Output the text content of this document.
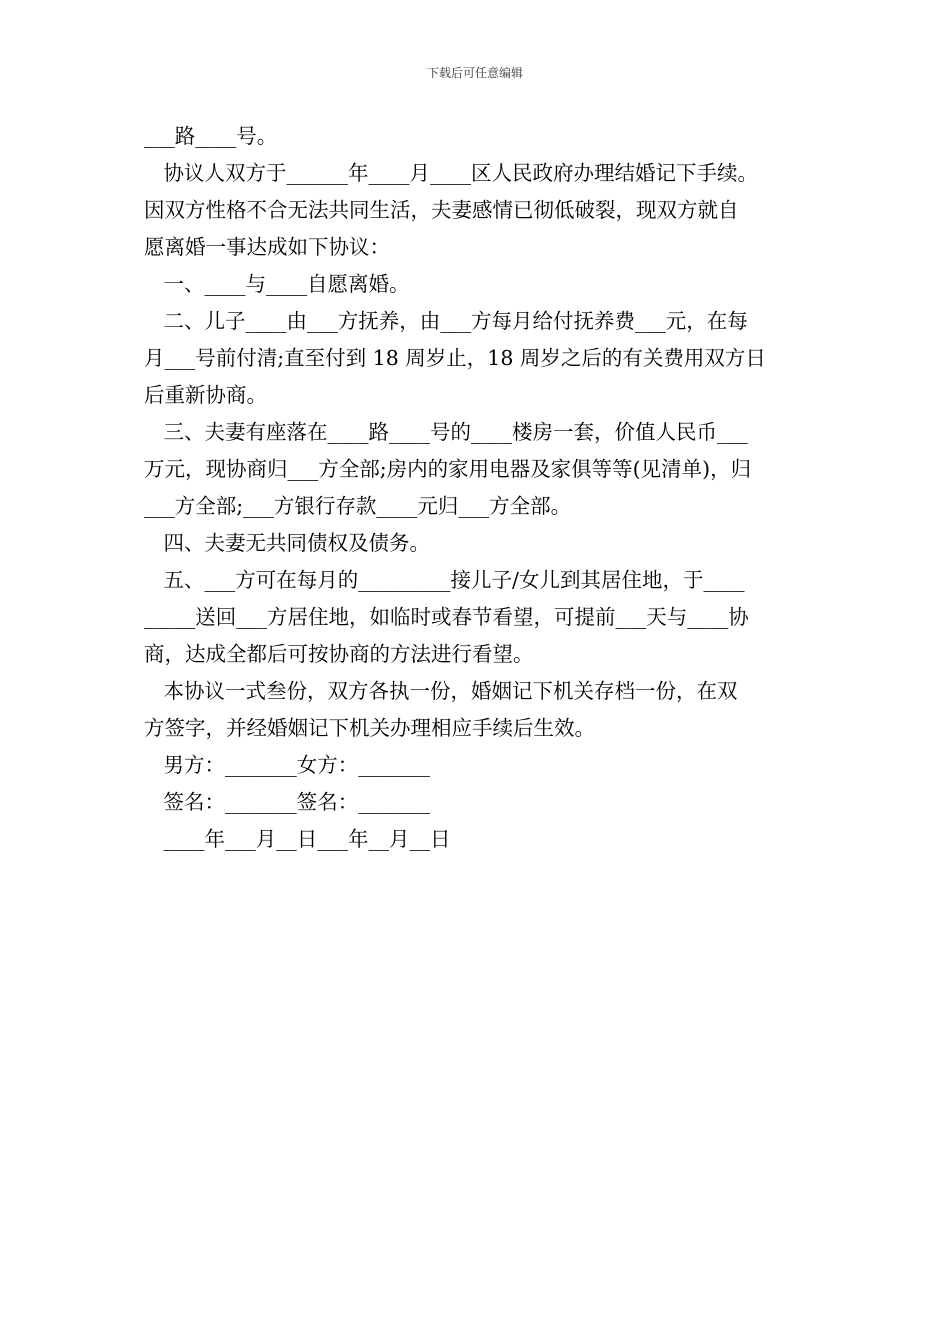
下载后可任意编辑
___路____号。
协议人双方于______年____月____区人民政府办理结婚记下手续。
因双方性格不合无法共同生活，夫妻感情已彻低破裂，现双方就自
愿离婚一事达成如下协议：
一、____与____自愿离婚。
二、儿子____由___方抚养，由___方每月给付抚养费___元，在每
月___号前付清;直至付到 18 周岁止，18 周岁之后的有关费用双方日
后重新协商。
三、夫妻有座落在____路____号的____楼房一套，价值人民币___
万元，现协商归___方全部;房内的家用电器及家俱等等(见清单)，归
___方全部;___方银行存款____元归___方全部。
四、夫妻无共同债权及债务。
五、___方可在每月的_________接儿子/女儿到其居住地，于____
_____送回___方居住地，如临时或春节看望，可提前___天与____协
商，达成全都后可按协商的方法进行看望。
本协议一式叁份，双方各执一份，婚姻记下机关存档一份，在双
方签字，并经婚姻记下机关办理相应手续后生效。
男方：_______女方：_______
签名：_______签名：_______
____年___月__日___年__月__日
